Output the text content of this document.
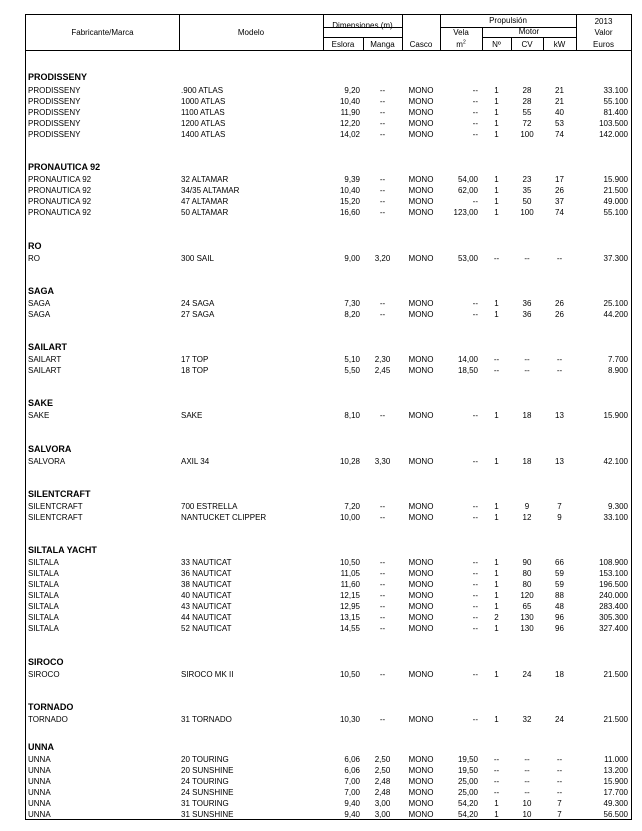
Fabricante/Marca	Modelo
Dimensiones (m)
Eslora	Manga	Casco
Propulsión
Vela
$m^2$
Motor
Nº	CV	kW
2013
Valor
Euros
PRODISSENY
PRODISSENY	.900 ATLAS	9,20	--	MONO	--	1	28	21	33.100
PRODISSENY	1000 ATLAS	10,40	--	MONO	--	1	28	21	55.100
PRODISSENY	1100 ATLAS	11,90	--	MONO	--	1	55	40	81.400
PRODISSENY	1200 ATLAS	12,20	--	MONO	--	1	72	53	103.500
PRODISSENY	1400 ATLAS	14,02	--	MONO	--	1	100	74	142.000
PRONAUTICA 92
PRONAUTICA 92	32 ALTAMAR	9,39	--	MONO	54,00	1	23	17	15.900
PRONAUTICA 92	34/35 ALTAMAR	10,40	--	MONO	62,00	1	35	26	21.500
PRONAUTICA 92	47 ALTAMAR	15,20	--	MONO	--	1	50	37	49.000
PRONAUTICA 92	50 ALTAMAR	16,60	--	MONO	123,00	1	100	74	55.100
RO
RO	300 SAIL	9,00	3,20	MONO	53,00	--	--	--	37.300
SAGA
SAGA	24 SAGA	7,30	--	MONO	--	1	36	26	25.100
SAGA	27 SAGA	8,20	--	MONO	--	1	36	26	44.200
SAILART
SAILART	17 TOP	5,10	2,30	MONO	14,00	--	--	--	7.700
SAILART	18 TOP	5,50	2,45	MONO	18,50	--	--	--	8.900
SAKE
SAKE	SAKE	8,10	--	MONO	--	1	18	13	15.900
SALVORA
SALVORA	AXIL 34	10,28	3,30	MONO	--	1	18	13	42.100
SILENTCRAFT
SILENTCRAFT	700 ESTRELLA	7,20	--	MONO	--	1	9	7	9.300
SILENTCRAFT	NANTUCKET CLIPPER	10,00	--	MONO	--	1	12	9	33.100
SILTALA YACHT
SILTALA	33 NAUTICAT	10,50	--	MONO	--	1	90	66	108.900
SILTALA	36 NAUTICAT	11,05	--	MONO	--	1	80	59	153.100
SILTALA	38 NAUTICAT	11,60	--	MONO	--	1	80	59	196.500
SILTALA	40 NAUTICAT	12,15	--	MONO	--	1	120	88	240.000
SILTALA	43 NAUTICAT	12,95	--	MONO	--	1	65	48	283.400
SILTALA	44 NAUTICAT	13,15	--	MONO	--	2	130	96	305.300
SILTALA	52 NAUTICAT	14,55	--	MONO	--	1	130	96	327.400
SIROCO
SIROCO	SIROCO MK II	10,50	--	MONO	--	1	24	18	21.500
TORNADO
TORNADO	31 TORNADO	10,30	--	MONO	--	1	32	24	21.500
UNNA
UNNA	20 TOURING	6,06	2,50	MONO	19,50	--	--	--	11.000
UNNA	20 SUNSHINE	6,06	2,50	MONO	19,50	--	--	--	13.200
UNNA	24 TOURING	7,00	2,48	MONO	25,00	--	--	--	15.900
UNNA	24 SUNSHINE	7,00	2,48	MONO	25,00	--	--	--	17.700
UNNA	31 TOURING	9,40	3,00	MONO	54,20	1	10	7	49.300
UNNA	31 SUNSHINE	9,40	3,00	MONO	54,20	1	10	7	56.500
